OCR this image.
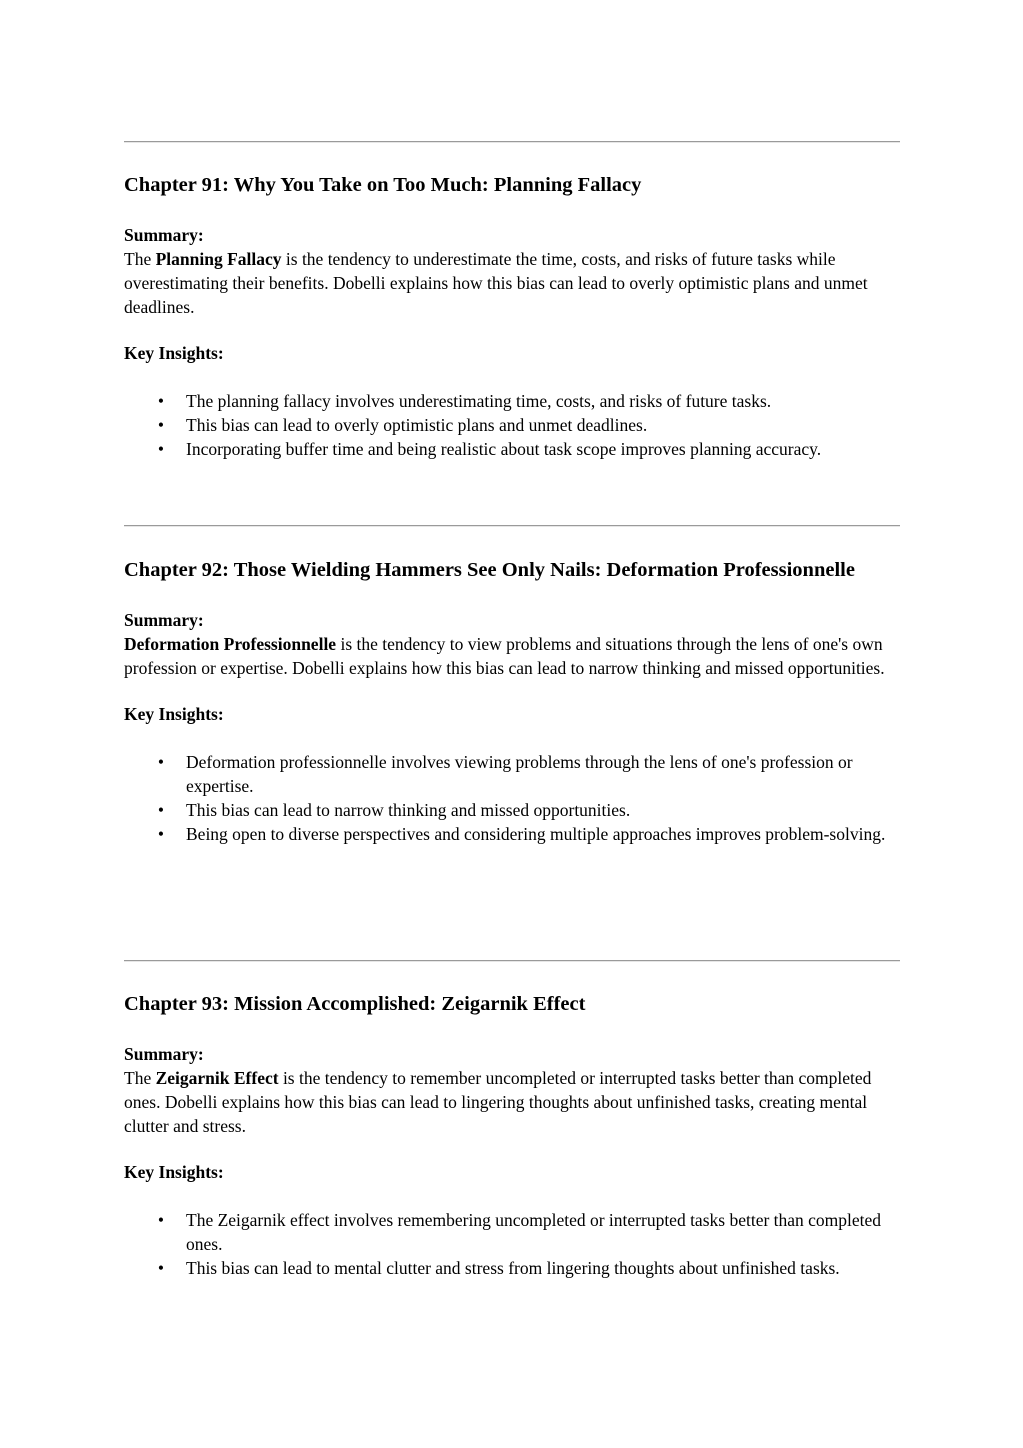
Chapter 91: Why You Take on Too Much: Planning Fallacy
Summary:
The Planning Fallacy is the tendency to underestimate the time, costs, and risks of future tasks while overestimating their benefits. Dobelli explains how this bias can lead to overly optimistic plans and unmet deadlines.
Key Insights:
• The planning fallacy involves underestimating time, costs, and risks of future tasks.
• This bias can lead to overly optimistic plans and unmet deadlines.
• Incorporating buffer time and being realistic about task scope improves planning accuracy.
Chapter 92: Those Wielding Hammers See Only Nails: Deformation Professionnelle
Summary:
Deformation Professionnelle is the tendency to view problems and situations through the lens of one's own profession or expertise. Dobelli explains how this bias can lead to narrow thinking and missed opportunities.
Key Insights:
• Deformation professionnelle involves viewing problems through the lens of one's profession or expertise.
• This bias can lead to narrow thinking and missed opportunities.
• Being open to diverse perspectives and considering multiple approaches improves problem-solving.
Chapter 93: Mission Accomplished: Zeigarnik Effect
Summary:
The Zeigarnik Effect is the tendency to remember uncompleted or interrupted tasks better than completed ones. Dobelli explains how this bias can lead to lingering thoughts about unfinished tasks, creating mental clutter and stress.
Key Insights:
• The Zeigarnik effect involves remembering uncompleted or interrupted tasks better than completed ones.
• This bias can lead to mental clutter and stress from lingering thoughts about unfinished tasks.
